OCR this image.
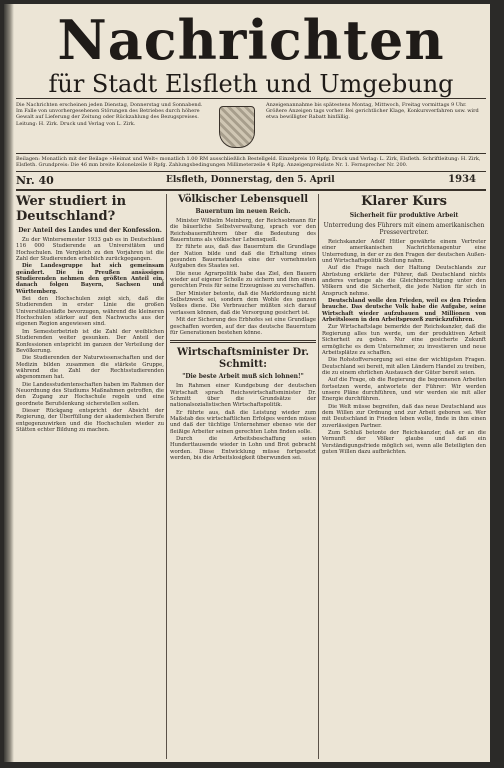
Nachrichten
für Stadt Elsfleth und Umgebung
Die Nachrichten erscheinen jeden Dienstag, Donnerstag und Sonnabend. Im Falle von unvorhergesehenen Störungen des Betriebes durch höhere Gewalt auf Lieferung der Zeitung oder Rückzahlung des Bezugspreises. Leitung: H. Zirk. Druck und Verlag von L. Zirk.
Anzeigenannahme bis spätestens Montag, Mittwoch, Freitag vormittags 9 Uhr. Größere Anzeigen tags vorher. Bei gerichtlicher Klage, Konkursverfahren usw. wird etwa bewilligter Rabatt hinfällig.
Beilagen: Monatlich mit der Beilage »Heimat und Welt« monatlich 1.00 RM ausschließlich Bestellgeld. Einzelpreis 10 Rpfg. Druck und Verlag: L. Zirk, Elsfleth. Schriftleitung: H. Zirk, Elsfleth. Grundpreis: Die 46 mm breite Kolonelzeile 8 Rpfg. Zahlungsbedingungen Millimeterzeile 4 Rpfg. Anzeigenpreisliste Nr. 1. Fernsprecher Nr. 200.
Nr. 40	Elsfleth, Donnerstag, den 5. April	1934
Wer studiert in Deutschland?
Der Anteil des Landes und der Konfession.

Zu der Wintersemester 1933 gab es in Deutschland 116 000 Studierende an Universitäten und Hochschulen. Im Vergleich zu den Vorjahren ist die Zahl der Studierenden erheblich zurückgegangen.

Die Landesgruppe hat sich gemeinsam geändert. Die in Preußen ansässigen Studierenden nehmen den größten Anteil ein, danach folgen Bayern, Sachsen und Württemberg.

Bei den Hochschulen zeigt sich, daß die Studierenden in erster Linie die großen Universitätsstädte bevorzugen, während die kleineren Hochschulen stärker auf den Nachwuchs aus der eigenen Region angewiesen sind.

Im Semesterbetrieb ist die Zahl der weiblichen Studierenden weiter gesunken. Der Anteil der Konfessionen entspricht im ganzen der Verteilung der Bevölkerung.

Die Studierenden der Naturwissenschaften und der Medizin bilden zusammen die stärkste Gruppe, während die Zahl der Rechtsstudierenden abgenommen hat.

Die Landesstudentenschaften haben im Rahmen der Neuordnung des Studiums Maßnahmen getroffen, die den Zugang zur Hochschule regeln und eine geordnete Berufslenkung sicherstellen sollen.

Dieser Rückgang entspricht der Absicht der Regierung, der Überfüllung der akademischen Berufe entgegenzuwirken und die Hochschulen wieder zu Stätten echter Bildung zu machen.

Völkischer Lebensquell
Bauerntum im neuen Reich.

Minister Wilhelm Meinberg, der Reichsobmann für die bäuerliche Selbstverwaltung, sprach vor den Reichsbauernführern über die Bedeutung des Bauerntums als völkischer Lebensquell.

Er führte aus, daß das Bauerntum die Grundlage der Nation bilde und daß die Erhaltung eines gesunden Bauernstandes eine der vornehmsten Aufgaben des Staates sei.

Die neue Agrarpolitik habe das Ziel, den Bauern wieder auf eigener Scholle zu sichern und ihm einen gerechten Preis für seine Erzeugnisse zu verschaffen.

Der Minister betonte, daß die Marktordnung nicht Selbstzweck sei, sondern dem Wohle des ganzen Volkes diene. Die Verbraucher müßten sich darauf verlassen können, daß die Versorgung gesichert ist.

Mit der Sicherung des Erbhofes sei eine Grundlage geschaffen worden, auf der das deutsche Bauerntum für Generationen bestehen könne.

Wirtschaftsminister Dr. Schmitt:
"Die beste Arbeit muß sich lohnen!"

Im Rahmen einer Kundgebung der deutschen Wirtschaft sprach Reichswirtschaftsminister Dr. Schmitt über die Grundsätze der nationalsozialistischen Wirtschaftspolitik.

Er führte aus, daß die Leistung wieder zum Maßstab des wirtschaftlichen Erfolges werden müsse und daß der tüchtige Unternehmer ebenso wie der fleißige Arbeiter seinen gerechten Lohn finden solle.

Durch die Arbeitsbeschaffung seien Hunderttausende wieder in Lohn und Brot gebracht worden. Diese Entwicklung müsse fortgesetzt werden, bis die Arbeitslosigkeit überwunden sei.

Klarer Kurs
Sicherheit für produktive Arbeit
Unterredung des Führers mit einem amerikanischen Pressevertreter.

Reichskanzler Adolf Hitler gewährte einem Vertreter einer amerikanischen Nachrichtenagentur eine Unterredung, in der er zu den Fragen der deutschen Außen- und Wirtschaftspolitik Stellung nahm.

Auf die Frage nach der Haltung Deutschlands zur Abrüstung erklärte der Führer, daß Deutschland nichts anderes verlange als die Gleichberechtigung unter den Völkern und die Sicherheit, die jede Nation für sich in Anspruch nehme.

Deutschland wolle den Frieden, weil es den Frieden brauche. Das deutsche Volk habe die Aufgabe, seine Wirtschaft wieder aufzubauen und Millionen von Arbeitslosen in den Arbeitsprozeß zurückzuführen.

Zur Wirtschaftslage bemerkte der Reichskanzler, daß die Regierung alles tun werde, um der produktiven Arbeit Sicherheit zu geben. Nur eine gesicherte Zukunft ermögliche es dem Unternehmer, zu investieren und neue Arbeitsplätze zu schaffen.

Die Rohstoffversorgung sei eine der wichtigsten Fragen. Deutschland sei bereit, mit allen Ländern Handel zu treiben, die zu einem ehrlichen Austausch der Güter bereit seien.

Auf die Frage, ob die Regierung die begonnenen Arbeiten fortsetzen werde, antwortete der Führer: Wir werden unsere Pläne durchführen, und wir werden sie mit aller Energie durchführen.

Die Welt müsse begreifen, daß das neue Deutschland aus dem Willen zur Ordnung und zur Arbeit geboren sei. Wer mit Deutschland in Frieden leben wolle, finde in ihm einen zuverlässigen Partner.

Zum Schluß betonte der Reichskanzler, daß er an die Vernunft der Völker glaube und daß ein Verständigungsfriede möglich sei, wenn alle Beteiligten den guten Willen dazu aufbrächten.
